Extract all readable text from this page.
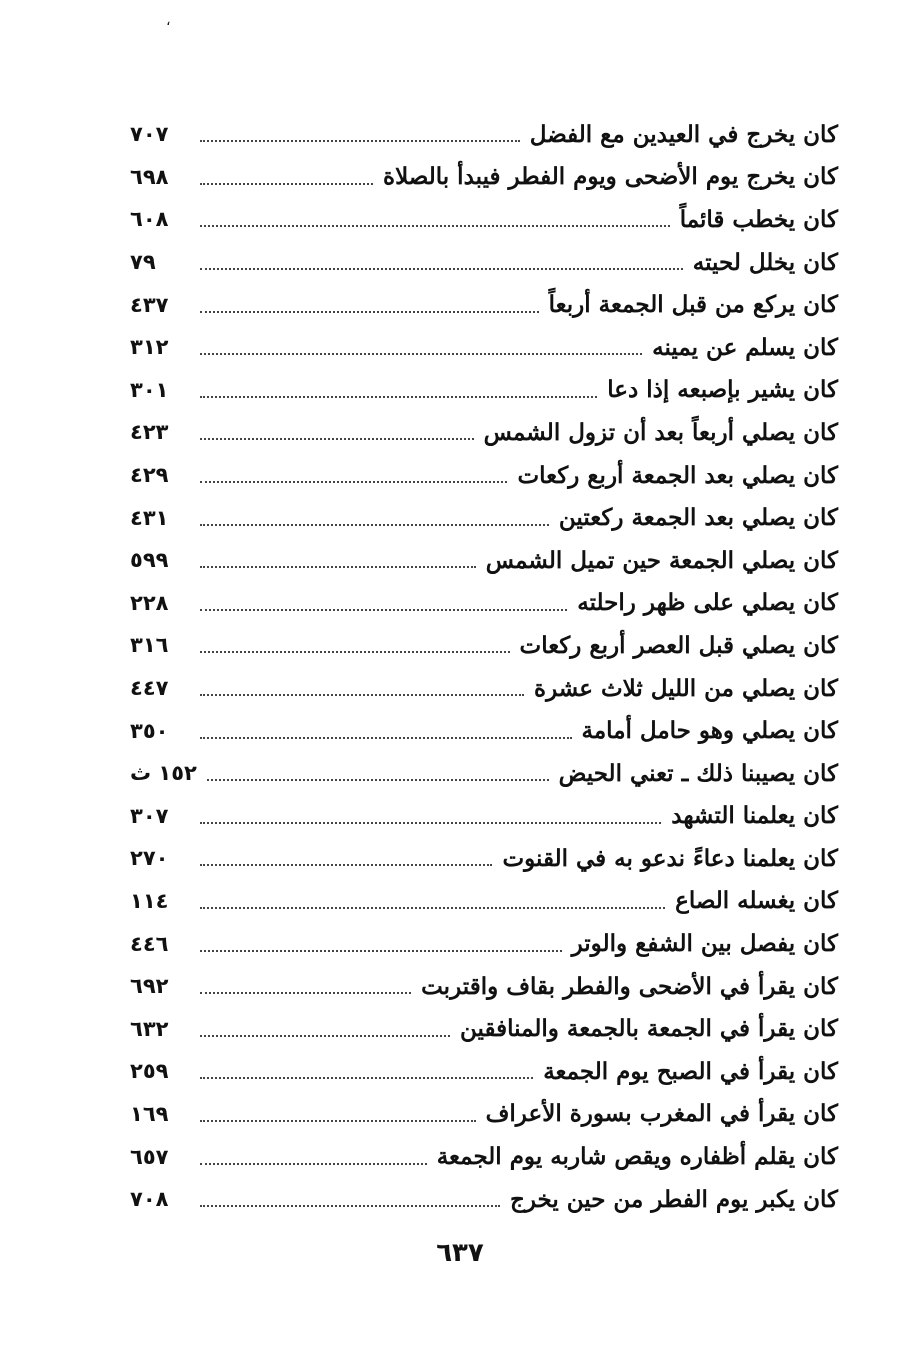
،
كان يخرج في العيدين مع الفضل
٧٠٧
كان يخرج يوم الأضحى ويوم الفطر فيبدأ بالصلاة
٦٩٨
كان يخطب قائماً
٦٠٨
كان يخلل لحيته
٧٩
كان يركع من قبل الجمعة أربعاً
٤٣٧
كان يسلم عن يمينه
٣١٢
كان يشير بإصبعه إذا دعا
٣٠١
كان يصلي أربعاً بعد أن تزول الشمس
٤٢٣
كان يصلي بعد الجمعة أربع ركعات
٤٢٩
كان يصلي بعد الجمعة ركعتين
٤٣١
كان يصلي الجمعة حين تميل الشمس
٥٩٩
كان يصلي على ظهر راحلته
٢٢٨
كان يصلي قبل العصر أربع ركعات
٣١٦
كان يصلي من الليل ثلاث عشرة
٤٤٧
كان يصلي وهو حامل أمامة
٣٥٠
كان يصيبنا ذلك ـ تعني الحيض
١٥٢ ث
كان يعلمنا التشهد
٣٠٧
كان يعلمنا دعاءً ندعو به في القنوت
٢٧٠
كان يغسله الصاع
١١٤
كان يفصل بين الشفع والوتر
٤٤٦
كان يقرأ في الأضحى والفطر بقاف واقتربت
٦٩٢
كان يقرأ في الجمعة بالجمعة والمنافقين
٦٣٢
كان يقرأ في الصبح يوم الجمعة
٢٥٩
كان يقرأ في المغرب بسورة الأعراف
١٦٩
كان يقلم أظفاره ويقص شاربه يوم الجمعة
٦٥٧
كان يكبر يوم الفطر من حين يخرج
٧٠٨
٦٣٧
